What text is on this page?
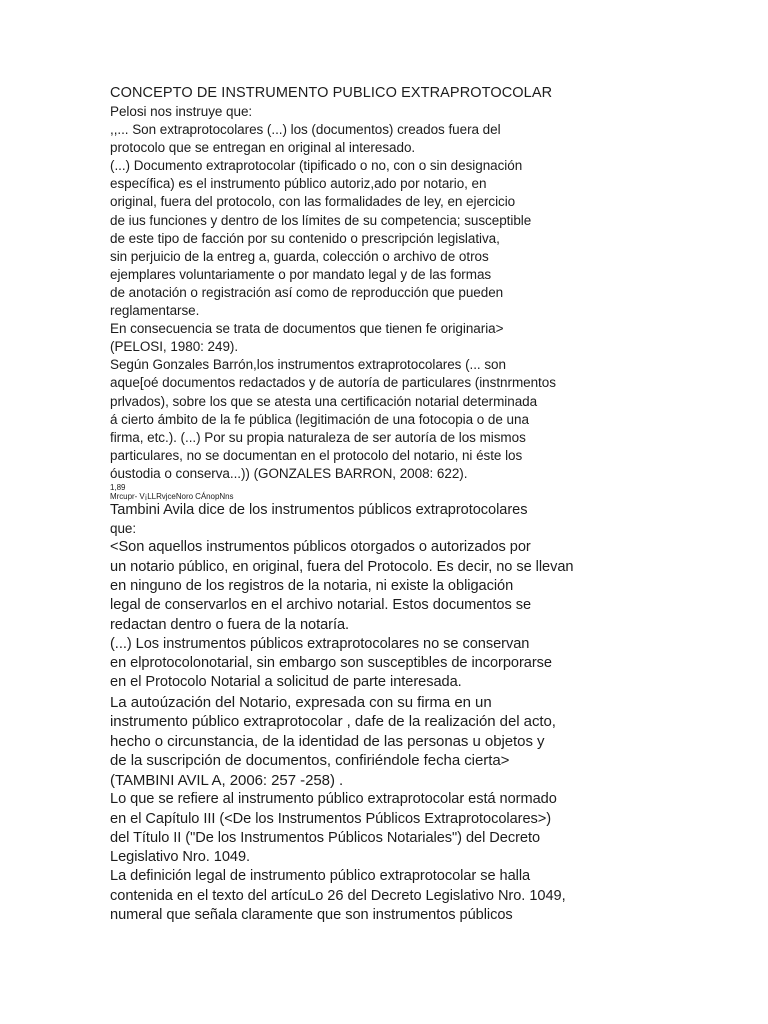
CONCEPTO DE INSTRUMENTO PUBLICO EXTRAPROTOCOLAR
Pelosi nos instruye que:
,,... Son extraprotocolares (...) los (documentos) creados fuera del
protocolo que se entregan en original al interesado.
(...) Documento extraprotocolar (tipificado o no, con o sin designación
específica) es el instrumento público autoriz,ado por notario, en
original, fuera del protocolo, con las formalidades de ley, en ejercicio
de ius funciones y dentro de los límites de su competencia; susceptible
de este tipo de facción por su contenido o prescripción legislativa,
sin perjuicio de la entreg a, guarda, colección o archivo de otros
ejemplares voluntariamente o por mandato legal y de las formas
de anotación o registración así como de reproducción que pueden
reglamentarse.
En consecuencia se trata de documentos que tienen fe originaria>
(PELOSI, 1980: 249).
Según Gonzales Barrón,los instrumentos extraprotocolares (... son
aque[oé documentos redactados y de autoría de particulares (instnrmentos
prlvados), sobre los que se atesta una certificación notarial determinada
á cierto ámbito de la fe pública (legitimación de una fotocopia o de una
firma, etc.). (...) Por su propia naturaleza de ser autoría de los mismos
particulares, no se documentan en el protocolo del notario, ni éste los
óustodia o conserva...)) (GONZALES BARRON, 2008: 622).
1,89
Mrcupr- V¡LLRvjceNoro CÁnopNns
Tambini Avila dice de los instrumentos públicos extraprotocolares
que:
<Son aquellos instrumentos públicos otorgados o autorizados por
un notario público, en original, fuera del Protocolo. Es decir, no se llevan
en ninguno de los registros de la notaria, ni existe la obligación
legal de conservarlos en el archivo notarial. Estos documentos se
redactan dentro o fuera de la notaría.
(...) Los instrumentos públicos extraprotocolares no se conservan
en elprotocolonotarial, sin embargo son susceptibles de incorporarse
en el Protocolo Notarial a solicitud de parte interesada.
La autoúzación del Notario, expresada con su firma en un
instrumento público extraprotocolar , dafe de la realización del acto,
hecho o circunstancia, de la identidad de las personas u objetos y
de la suscripción de documentos, confiriéndole fecha cierta>
(TAMBINI AVIL A, 2006: 257 -258) .
Lo que se refiere al instrumento público extraprotocolar está normado
en el Capítulo III (<De los Instrumentos Públicos Extraprotocolares>)
del Título II ("De los Instrumentos Públicos Notariales") del Decreto
Legislativo Nro. 1049.
La definición legal de instrumento público extraprotocolar se halla
contenida en el texto del artícuLo 26 del Decreto Legislativo Nro. 1049,
numeral que señala claramente que son instrumentos públicos
